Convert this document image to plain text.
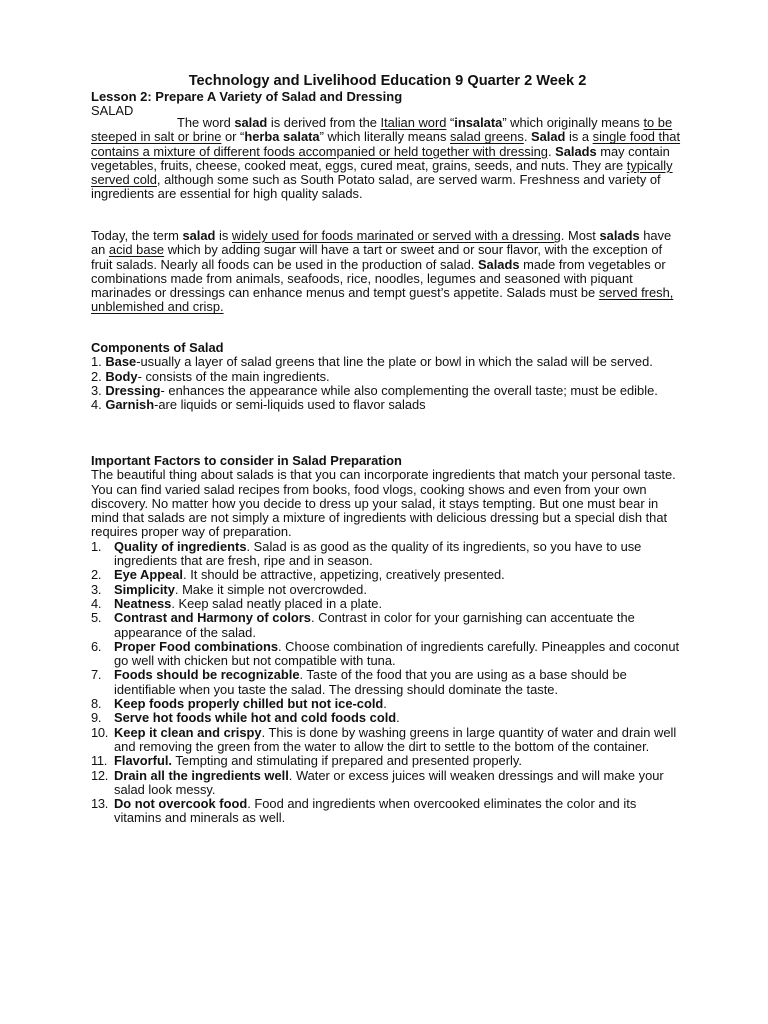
Technology and Livelihood Education 9 Quarter 2 Week 2
Lesson 2: Prepare A Variety of Salad and Dressing
SALAD

The word salad is derived from the Italian word “insalata” which originally means to be steeped in salt or brine or “herba salata” which literally means salad greens. Salad is a single food that contains a mixture of different foods accompanied or held together with dressing. Salads may contain vegetables, fruits, cheese, cooked meat, eggs, cured meat, grains, seeds, and nuts. They are typically served cold, although some such as South Potato salad, are served warm. Freshness and variety of ingredients are essential for high quality salads.

Today, the term salad is widely used for foods marinated or served with a dressing. Most salads have an acid base which by adding sugar will have a tart or sweet and or sour flavor, with the exception of fruit salads. Nearly all foods can be used in the production of salad. Salads made from vegetables or combinations made from animals, seafoods, rice, noodles, legumes and seasoned with piquant marinades or dressings can enhance menus and tempt guest’s appetite. Salads must be served fresh, unblemished and crisp.

Components of Salad
1. Base-usually a layer of salad greens that line the plate or bowl in which the salad will be served.
2. Body- consists of the main ingredients.
3. Dressing- enhances the appearance while also complementing the overall taste; must be edible.
4. Garnish-are liquids or semi-liquids used to flavor salads
Important Factors to consider in Salad Preparation

The beautiful thing about salads is that you can incorporate ingredients that match your personal taste. You can find varied salad recipes from books, food vlogs, cooking shows and even from your own discovery. No matter how you decide to dress up your salad, it stays tempting. But one must bear in mind that salads are not simply a mixture of ingredients with delicious dressing but a special dish that requires proper way of preparation.

1. Quality of ingredients. Salad is as good as the quality of its ingredients, so you have to use ingredients that are fresh, ripe and in season.
2. Eye Appeal. It should be attractive, appetizing, creatively presented.
3. Simplicity. Make it simple not overcrowded.
4. Neatness. Keep salad neatly placed in a plate.
5. Contrast and Harmony of colors. Contrast in color for your garnishing can accentuate the appearance of the salad.
6. Proper Food combinations. Choose combination of ingredients carefully. Pineapples and coconut go well with chicken but not compatible with tuna.
7. Foods should be recognizable. Taste of the food that you are using as a base should be identifiable when you taste the salad. The dressing should dominate the taste.
8. Keep foods properly chilled but not ice-cold.
9. Serve hot foods while hot and cold foods cold.
10. Keep it clean and crispy. This is done by washing greens in large quantity of water and drain well and removing the green from the water to allow the dirt to settle to the bottom of the container.
11. Flavorful. Tempting and stimulating if prepared and presented properly.
12. Drain all the ingredients well. Water or excess juices will weaken dressings and will make your salad look messy.
13. Do not overcook food. Food and ingredients when overcooked eliminates the color and its vitamins and minerals as well.
